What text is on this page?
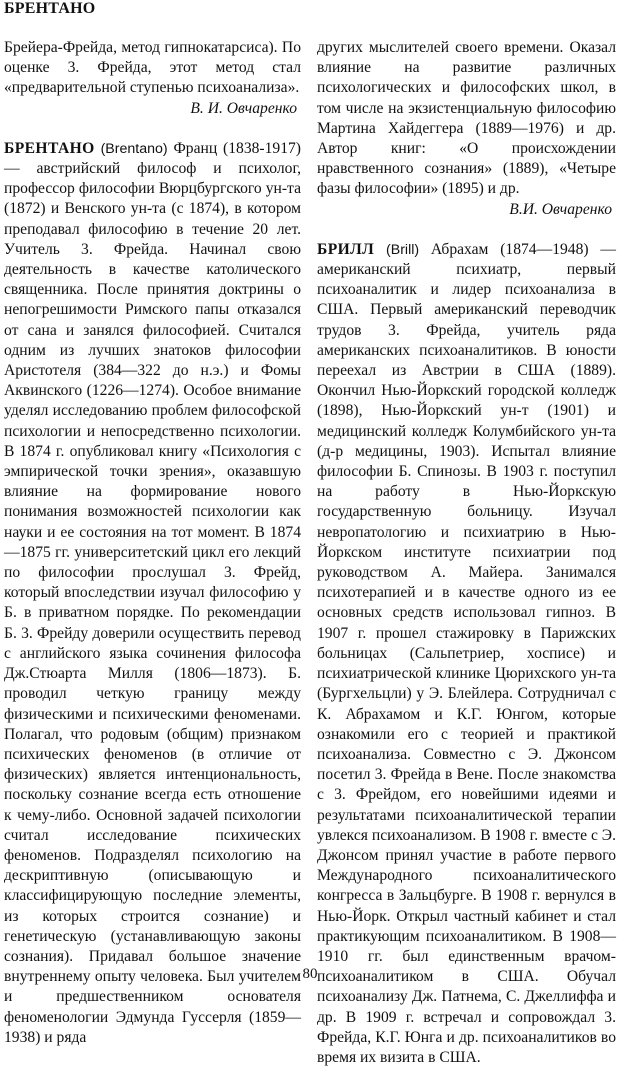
БРЕНТАНО

Брейера-Фрейда, метод гипнокатарсиса). По оценке 3. Фрейда, этот метод стал «предварительной ступенью психоанализа».

В. И. Овчаренко

БРЕНТАНО (Brentano) Франц (1838-1917)— австрийский философ и психолог, профессор философии Вюрцбургского ун-та (1872) и Венского ун-та (с 1874), в котором преподавал философию в течение 20 лет. Учитель 3. Фрейда. Начинал свою деятельность в качестве католического священника. После принятия доктрины о непогрешимости Римского папы отказался от сана и занялся философией. Считался одним из лучших знатоков философии Аристотеля (384—322 до н.э.) и Фомы Аквинского (1226—1274). Особое внимание уделял исследованию проблем философской психологии и непосредственно психологии. В 1874 г. опубликовал книгу «Психология с эмпирической точки зрения», оказавшую влияние на формирование нового понимания возможностей психологии как науки и ее состояния на тот момент. В 1874—1875 гг. университетский цикл его лекций по философии прослушал 3. Фрейд, который впоследствии изучал философию у Б. в приватном порядке. По рекомендации Б. 3. Фрейду доверили осуществить перевод с английского языка сочинения философа Дж.Стюарта Милля (1806—1873). Б. проводил четкую границу между физическими и психическими феноменами. Полагал, что родовым (общим) признаком психических феноменов (в отличие от физических) является интенциональность, поскольку сознание всегда есть отношение к чему-либо. Основной задачей психологии считал исследование психических феноменов. Подразделял психологию на дескриптивную (описывающую и классифицирующую последние элементы, из которых строится сознание) и генетическую (устанавливающую законы сознания). Придавал большое значение внутреннему опыту человека. Был учителем и предшественником основателя феноменологии Эдмунда Гуссерля (1859—1938) и ряда

других мыслителей своего времени. Оказал влияние на развитие различных психологических и философских школ, в том числе на экзистенциальную философию Мартина Хайдеггера (1889—1976) и др. Автор книг: «О происхождении нравственного сознания» (1889), «Четыре фазы философии» (1895) и др.

В.И. Овчаренко

БРИЛЛ (Brill) Абрахам (1874—1948) — американский психиатр, первый психоаналитик и лидер психоанализа в США. Первый американский переводчик трудов 3. Фрейда, учитель ряда американских психоаналитиков. В юности переехал из Австрии в США (1889). Окончил Нью-Йоркский городской колледж (1898), Нью-Йоркский ун-т (1901) и медицинский колледж Колумбийского ун-та (д-р медицины, 1903). Испытал влияние философии Б. Спинозы. В 1903 г. поступил на работу в Нью-Йоркскую государственную больницу. Изучал невропатологию и психиатрию в Нью-Йоркском институте психиатрии под руководством А. Майера. Занимался психотерапией и в качестве одного из ее основных средств использовал гипноз. В 1907 г. прошел стажировку в Парижских больницах (Сальпетриер, хосписе) и психиатрической клинике Цюрихского ун-та (Бургхельцли) у Э. Блейлера. Сотрудничал с К. Абрахамом и К.Г. Юнгом, которые ознакомили его с теорией и практикой психоанализа. Совместно с Э. Джонсом посетил 3. Фрейда в Вене. После знакомства с 3. Фрейдом, его новейшими идеями и результатами психоаналитической терапии увлекся психоанализом. В 1908 г. вместе с Э. Джонсом принял участие в работе первого Международного психоаналитического конгресса в Зальцбурге. В 1908 г. вернулся в Нью-Йорк. Открыл частный кабинет и стал практикующим психоаналитиком. В 1908—1910 гг. был единственным врачом-психоаналитиком в США. Обучал психоанализу Дж. Патнема, С. Джеллиффа и др. В 1909 г. встречал и сопровождал 3. Фрейда, К.Г. Юнга и др. психоаналитиков во время их визита в США.

80
